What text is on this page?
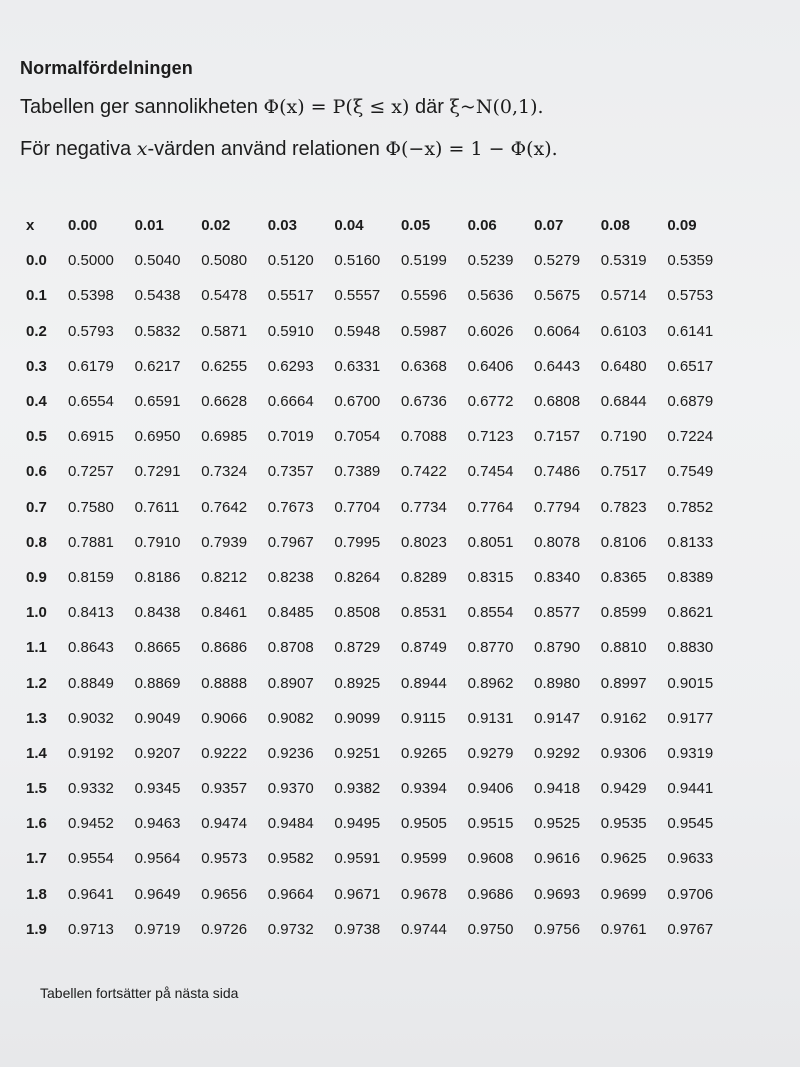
Normalfördelningen
Tabellen ger sannolikheten Φ(x) = P(ξ ≤ x) där ξ~N(0,1).
För negativa x-värden använd relationen Φ(−x) = 1 − Φ(x).
x	0.00	0.01	0.02	0.03	0.04	0.05	0.06	0.07	0.08	0.09
0.0	0.5000	0.5040	0.5080	0.5120	0.5160	0.5199	0.5239	0.5279	0.5319	0.5359
0.1	0.5398	0.5438	0.5478	0.5517	0.5557	0.5596	0.5636	0.5675	0.5714	0.5753
0.2	0.5793	0.5832	0.5871	0.5910	0.5948	0.5987	0.6026	0.6064	0.6103	0.6141
0.3	0.6179	0.6217	0.6255	0.6293	0.6331	0.6368	0.6406	0.6443	0.6480	0.6517
0.4	0.6554	0.6591	0.6628	0.6664	0.6700	0.6736	0.6772	0.6808	0.6844	0.6879
0.5	0.6915	0.6950	0.6985	0.7019	0.7054	0.7088	0.7123	0.7157	0.7190	0.7224
0.6	0.7257	0.7291	0.7324	0.7357	0.7389	0.7422	0.7454	0.7486	0.7517	0.7549
0.7	0.7580	0.7611	0.7642	0.7673	0.7704	0.7734	0.7764	0.7794	0.7823	0.7852
0.8	0.7881	0.7910	0.7939	0.7967	0.7995	0.8023	0.8051	0.8078	0.8106	0.8133
0.9	0.8159	0.8186	0.8212	0.8238	0.8264	0.8289	0.8315	0.8340	0.8365	0.8389
1.0	0.8413	0.8438	0.8461	0.8485	0.8508	0.8531	0.8554	0.8577	0.8599	0.8621
1.1	0.8643	0.8665	0.8686	0.8708	0.8729	0.8749	0.8770	0.8790	0.8810	0.8830
1.2	0.8849	0.8869	0.8888	0.8907	0.8925	0.8944	0.8962	0.8980	0.8997	0.9015
1.3	0.9032	0.9049	0.9066	0.9082	0.9099	0.9115	0.9131	0.9147	0.9162	0.9177
1.4	0.9192	0.9207	0.9222	0.9236	0.9251	0.9265	0.9279	0.9292	0.9306	0.9319
1.5	0.9332	0.9345	0.9357	0.9370	0.9382	0.9394	0.9406	0.9418	0.9429	0.9441
1.6	0.9452	0.9463	0.9474	0.9484	0.9495	0.9505	0.9515	0.9525	0.9535	0.9545
1.7	0.9554	0.9564	0.9573	0.9582	0.9591	0.9599	0.9608	0.9616	0.9625	0.9633
1.8	0.9641	0.9649	0.9656	0.9664	0.9671	0.9678	0.9686	0.9693	0.9699	0.9706
1.9	0.9713	0.9719	0.9726	0.9732	0.9738	0.9744	0.9750	0.9756	0.9761	0.9767
Tabellen fortsätter på nästa sida
